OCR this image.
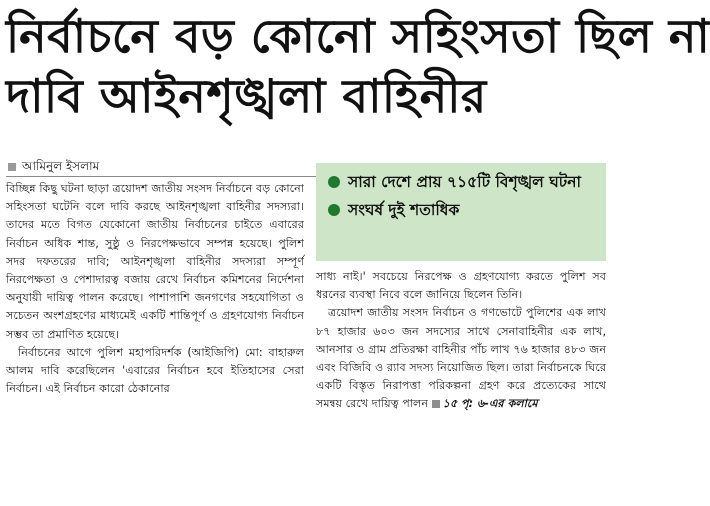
নির্বাচনে বড় কোনো সহিংসতা ছিল না
দাবি আইনশৃঙ্খলা বাহিনীর
আমিনুল ইসলাম

বিচ্ছিন্ন কিছু ঘটনা ছাড়া ত্রয়োদশ জাতীয় সংসদ নির্বাচনে বড় কোনো সহিংসতা ঘটেনি বলে দাবি করছে আইনশৃঙ্খলা বাহিনীর সদস্যরা। তাদের মতে বিগত যেকোনো জাতীয় নির্বাচনের চাইতে এবারের নির্বাচন অধিক শান্ত, সুষ্ঠু ও নিরপেক্ষভাবে সম্পন্ন হয়েছে। পুলিশ সদর দফতরের দাবি; আইনশৃঙ্খলা বাহিনীর সদস্যরা সম্পূর্ণ নিরপেক্ষতা ও পেশাদারত্ব বজায় রেখে নির্বাচন কমিশনের নির্দেশনা অনুযায়ী দায়িত্ব পালন করেছে। পাশাপাশি জনগণের সহযোগিতা ও সচেতন অংশগ্রহণের মাধ্যমেই একটি শান্তিপূর্ণ ও গ্রহণযোগ্য নির্বাচন সম্ভব তা প্রমাণিত হয়েছে।

নির্বাচনের আগে পুলিশ মহাপরিদর্শক (আইজিপি) মো: বাহারুল আলম দাবি করেছিলেন 'এবারের নির্বাচন হবে ইতিহাসের সেরা নির্বাচন। এই নির্বাচন কারো ঠেকানোর

সারা দেশে প্রায় ৭১৫টি বিশৃঙ্খল ঘটনা
সংঘর্ষ দুই শতাধিক

সাধ্য নাই।' সবচেয়ে নিরপেক্ষ ও গ্রহণযোগ্য করতে পুলিশ সব ধরনের ব্যবস্থা নিবে বলে জানিয়ে ছিলেন তিনি।

ত্রয়োদশ জাতীয় সংসদ নির্বাচন ও গণভোটে পুলিশের এক লাখ ৮৭ হাজার ৬০৩ জন সদস্যের সাথে সেনাবাহিনীর এক লাখ, আনসার ও গ্রাম প্রতিরক্ষা বাহিনীর পাঁচ লাখ ৭৬ হাজার ৪৮৩ জন এবং বিজিবি ও র‍্যাব সদস্য নিয়োজিত ছিল। তারা নির্বাচনকে ঘিরে একটি বিস্তৃত নিরাপত্তা পরিকল্পনা গ্রহণ করে প্রত্যেকের সাথে সমন্বয় রেখে দায়িত্ব পালন ১৫ পৃ: ৬-এর কলামে
